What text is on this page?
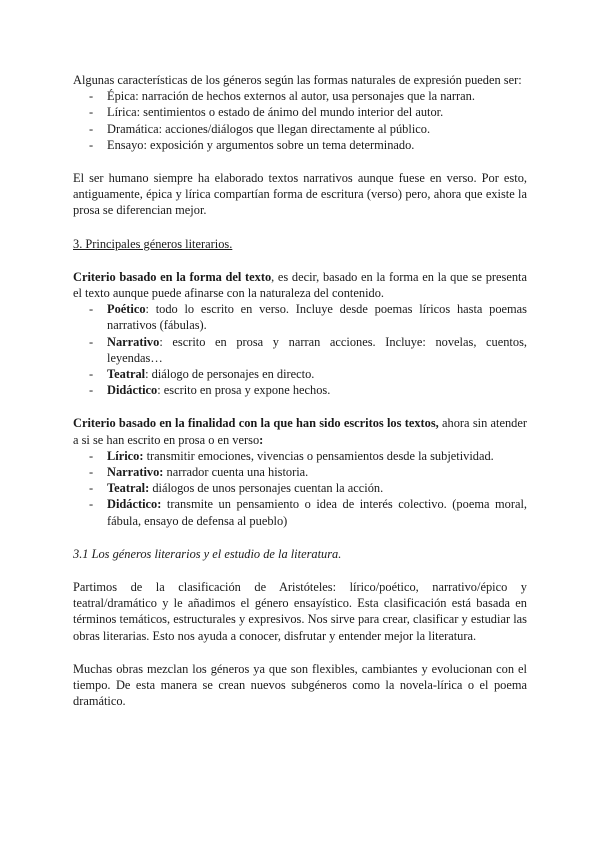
Algunas características de los géneros según las formas naturales de expresión pueden ser:

- Épica: narración de hechos externos al autor, usa personajes que la narran.
- Lírica: sentimientos o estado de ánimo del mundo interior del autor.
- Dramática: acciones/diálogos que llegan directamente al público.
- Ensayo: exposición y argumentos sobre un tema determinado.

El ser humano siempre ha elaborado textos narrativos aunque fuese en verso. Por esto, antiguamente, épica y lírica compartían forma de escritura (verso) pero, ahora que existe la prosa se diferencian mejor.

3. Principales géneros literarios.

Criterio basado en la forma del texto, es decir, basado en la forma en la que se presenta el texto aunque puede afinarse con la naturaleza del contenido.

- Poético: todo lo escrito en verso. Incluye desde poemas líricos hasta poemas narrativos (fábulas).
- Narrativo: escrito en prosa y narran acciones. Incluye: novelas, cuentos, leyendas…
- Teatral: diálogo de personajes en directo.
- Didáctico: escrito en prosa y expone hechos.

Criterio basado en la finalidad con la que han sido escritos los textos, ahora sin atender a si se han escrito en prosa o en verso:

- Lírico: transmitir emociones, vivencias o pensamientos desde la subjetividad.
- Narrativo: narrador cuenta una historia.
- Teatral: diálogos de unos personajes cuentan la acción.
- Didáctico: transmite un pensamiento o idea de interés colectivo. (poema moral, fábula, ensayo de defensa al pueblo)

3.1 Los géneros literarios y el estudio de la literatura.

Partimos de la clasificación de Aristóteles: lírico/poético, narrativo/épico y teatral/dramático y le añadimos el género ensayístico. Esta clasificación está basada en términos temáticos, estructurales y expresivos. Nos sirve para crear, clasificar y estudiar las obras literarias. Esto nos ayuda a conocer, disfrutar y entender mejor la literatura.

Muchas obras mezclan los géneros ya que son flexibles, cambiantes y evolucionan con el tiempo. De esta manera se crean nuevos subgéneros como la novela-lírica o el poema dramático.
